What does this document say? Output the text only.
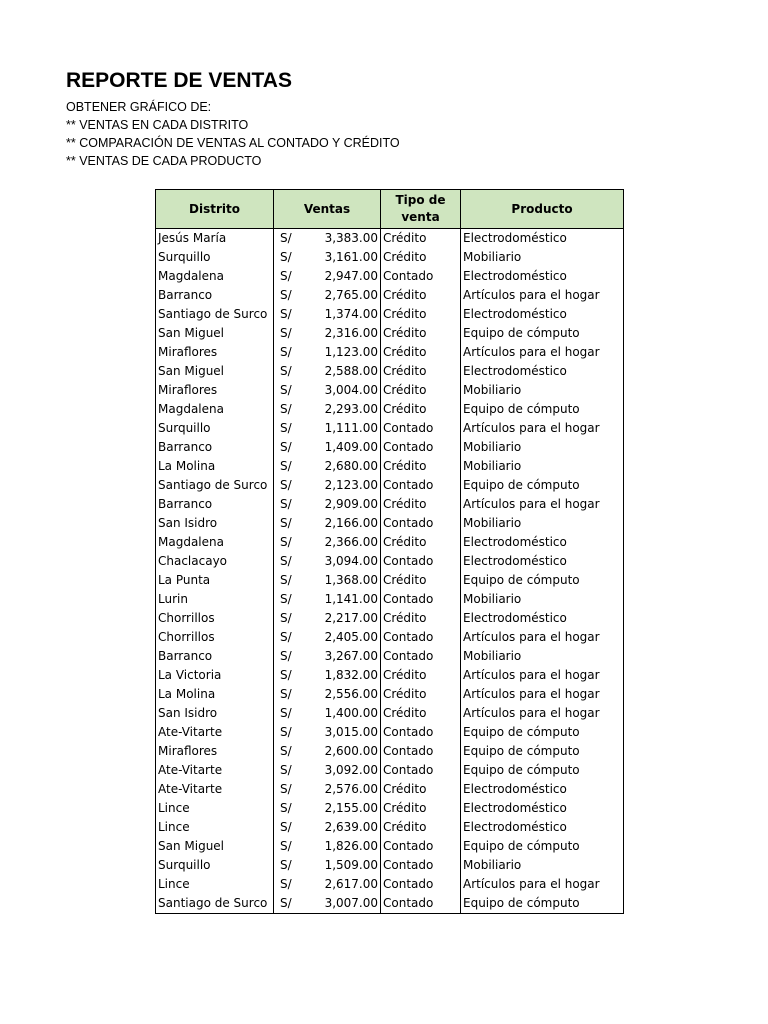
REPORTE DE VENTAS
OBTENER GRÁFICO DE:
** VENTAS EN CADA DISTRITO
** COMPARACIÓN DE VENTAS AL CONTADO Y CRÉDITO
** VENTAS DE CADA PRODUCTO
Distrito	Ventas	Tipo de venta	Producto
Jesús María	S/ 3,383.00	Crédito	Electrodoméstico
Surquillo	S/ 3,161.00	Crédito	Mobiliario
Magdalena	S/ 2,947.00	Contado	Electrodoméstico
Barranco	S/ 2,765.00	Crédito	Artículos para el hogar
Santiago de Surco	S/ 1,374.00	Crédito	Electrodoméstico
San Miguel	S/ 2,316.00	Crédito	Equipo de cómputo
Miraflores	S/ 1,123.00	Crédito	Artículos para el hogar
San Miguel	S/ 2,588.00	Crédito	Electrodoméstico
Miraflores	S/ 3,004.00	Crédito	Mobiliario
Magdalena	S/ 2,293.00	Crédito	Equipo de cómputo
Surquillo	S/ 1,111.00	Contado	Artículos para el hogar
Barranco	S/ 1,409.00	Contado	Mobiliario
La Molina	S/ 2,680.00	Crédito	Mobiliario
Santiago de Surco	S/ 2,123.00	Contado	Equipo de cómputo
Barranco	S/ 2,909.00	Crédito	Artículos para el hogar
San Isidro	S/ 2,166.00	Contado	Mobiliario
Magdalena	S/ 2,366.00	Crédito	Electrodoméstico
Chaclacayo	S/ 3,094.00	Contado	Electrodoméstico
La Punta	S/ 1,368.00	Crédito	Equipo de cómputo
Lurin	S/ 1,141.00	Contado	Mobiliario
Chorrillos	S/ 2,217.00	Crédito	Electrodoméstico
Chorrillos	S/ 2,405.00	Contado	Artículos para el hogar
Barranco	S/ 3,267.00	Contado	Mobiliario
La Victoria	S/ 1,832.00	Crédito	Artículos para el hogar
La Molina	S/ 2,556.00	Crédito	Artículos para el hogar
San Isidro	S/ 1,400.00	Crédito	Artículos para el hogar
Ate-Vitarte	S/ 3,015.00	Contado	Equipo de cómputo
Miraflores	S/ 2,600.00	Contado	Equipo de cómputo
Ate-Vitarte	S/ 3,092.00	Contado	Equipo de cómputo
Ate-Vitarte	S/ 2,576.00	Crédito	Electrodoméstico
Lince	S/ 2,155.00	Crédito	Electrodoméstico
Lince	S/ 2,639.00	Crédito	Electrodoméstico
San Miguel	S/ 1,826.00	Contado	Equipo de cómputo
Surquillo	S/ 1,509.00	Contado	Mobiliario
Lince	S/ 2,617.00	Contado	Artículos para el hogar
Santiago de Surco	S/ 3,007.00	Contado	Equipo de cómputo
